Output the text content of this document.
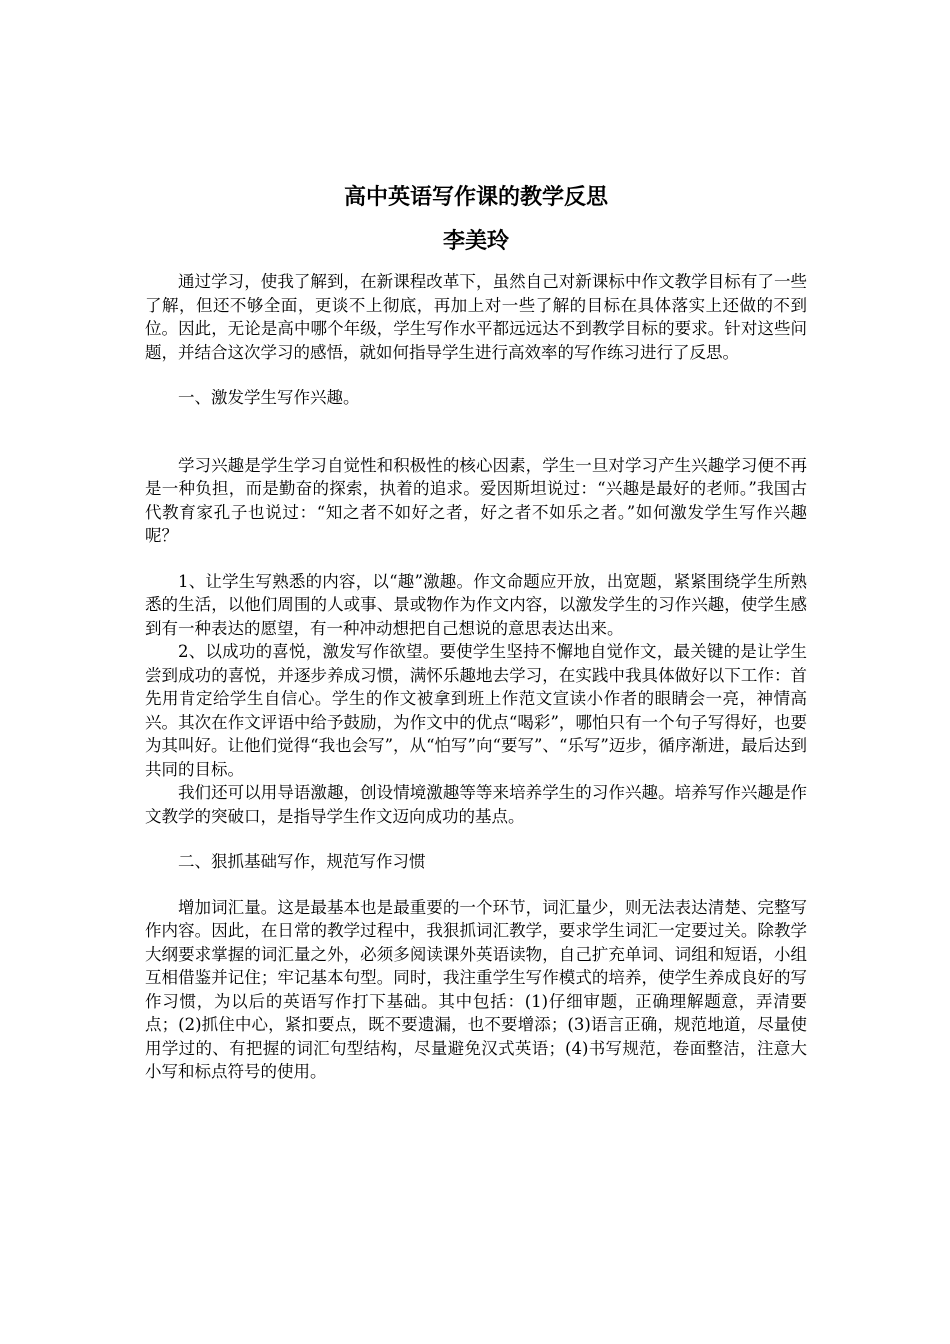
高中英语写作课的教学反思
李美玲

通过学习，使我了解到，在新课程改革下，虽然自己对新课标中作文教学目标有了一些了解，但还不够全面，更谈不上彻底，再加上对一些了解的目标在具体落实上还做的不到位。因此，无论是高中哪个年级，学生写作水平都远远达不到教学目标的要求。针对这些问题，并结合这次学习的感悟，就如何指导学生进行高效率的写作练习进行了反思。

一、激发学生写作兴趣。

学习兴趣是学生学习自觉性和积极性的核心因素，学生一旦对学习产生兴趣学习便不再是一种负担，而是勤奋的探索，执着的追求。爱因斯坦说过：“兴趣是最好的老师。”我国古代教育家孔子也说过：“知之者不如好之者，好之者不如乐之者。”如何激发学生写作兴趣呢？

1、让学生写熟悉的内容，以“趣”激趣。作文命题应开放，出宽题，紧紧围绕学生所熟悉的生活，以他们周围的人或事、景或物作为作文内容，以激发学生的习作兴趣，使学生感到有一种表达的愿望，有一种冲动想把自己想说的意思表达出来。

2、以成功的喜悦，激发写作欲望。要使学生坚持不懈地自觉作文，最关键的是让学生尝到成功的喜悦，并逐步养成习惯，满怀乐趣地去学习，在实践中我具体做好以下工作：首先用肯定给学生自信心。学生的作文被拿到班上作范文宣读小作者的眼睛会一亮，神情高兴。其次在作文评语中给予鼓励，为作文中的优点“喝彩”，哪怕只有一个句子写得好，也要为其叫好。让他们觉得“我也会写”，从“怕写”向“要写”、“乐写”迈步，循序渐进，最后达到共同的目标。

我们还可以用导语激趣，创设情境激趣等等来培养学生的习作兴趣。培养写作兴趣是作文教学的突破口，是指导学生作文迈向成功的基点。

二、狠抓基础写作，规范写作习惯

增加词汇量。这是最基本也是最重要的一个环节，词汇量少，则无法表达清楚、完整写作内容。因此，在日常的教学过程中，我狠抓词汇教学，要求学生词汇一定要过关。除教学大纲要求掌握的词汇量之外，必须多阅读课外英语读物，自己扩充单词、词组和短语，小组互相借鉴并记住；牢记基本句型。同时，我注重学生写作模式的培养，使学生养成良好的写作习惯，为以后的英语写作打下基础。其中包括：(1)仔细审题，正确理解题意，弄清要点；(2)抓住中心，紧扣要点，既不要遗漏，也不要增添；(3)语言正确，规范地道，尽量使用学过的、有把握的词汇句型结构，尽量避免汉式英语；(4)书写规范，卷面整洁，注意大小写和标点符号的使用。
